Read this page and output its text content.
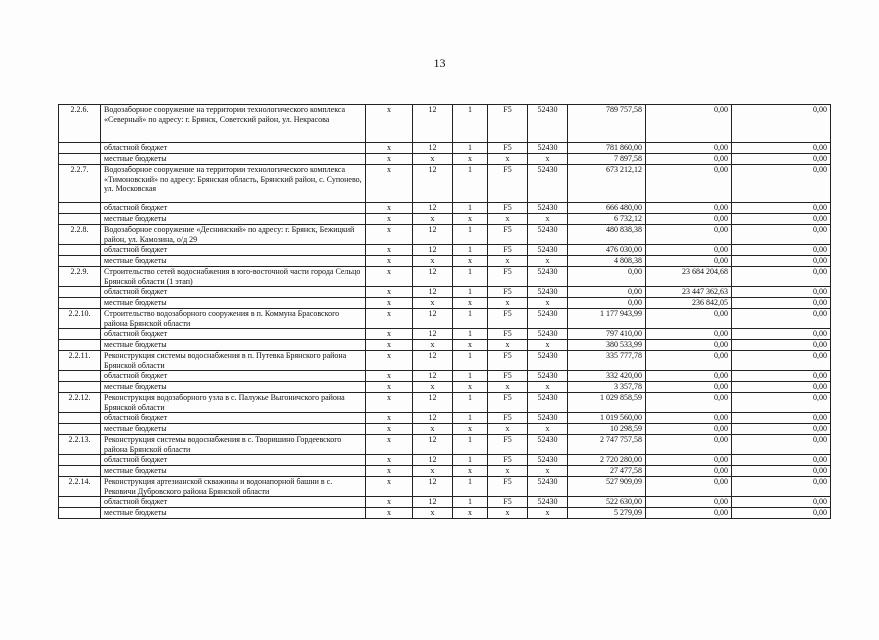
13
2.2.6.	Водозаборное сооружение на территории технологического комплекса «Северный» по адресу: г. Брянск, Советский район, ул. Некрасова	х	12	1	F5	52430	789 757,58	0,00	0,00
	областной бюджет	х	12	1	F5	52430	781 860,00	0,00	0,00
	местные бюджеты	х	х	х	х	х	7 897,58	0,00	0,00
2.2.7.	Водозаборное сооружение на территории технологического комплекса «Тимоновский» по адресу: Брянская область, Брянский район, с. Супонево, ул. Московская	х	12	1	F5	52430	673 212,12	0,00	0,00
	областной бюджет	х	12	1	F5	52430	666 480,00	0,00	0,00
	местные бюджеты	х	х	х	х	х	6 732,12	0,00	0,00
2.2.8.	Водозаборное сооружение «Деснинский» по адресу: г. Брянск, Бежицкий район, ул. Камозина, о/д 29	х	12	1	F5	52430	480 838,38	0,00	0,00
	областной бюджет	х	12	1	F5	52430	476 030,00	0,00	0,00
	местные бюджеты	х	х	х	х	х	4 808,38	0,00	0,00
2.2.9.	Строительство сетей водоснабжения в юго-восточной части города Сельцо Брянской области (1 этап)	х	12	1	F5	52430	0,00	23 684 204,68	0,00
	областной бюджет	х	12	1	F5	52430	0,00	23 447 362,63	0,00
	местные бюджеты	х	х	х	х	х	0,00	236 842,05	0,00
2.2.10.	Строительство водозаборного сооружения в п. Коммуна Брасовского района Брянской области	х	12	1	F5	52430	1 177 943,99	0,00	0,00
	областной бюджет	х	12	1	F5	52430	797 410,00	0,00	0,00
	местные бюджеты	х	х	х	х	х	380 533,99	0,00	0,00
2.2.11.	Реконструкция системы водоснабжения в п. Путевка Брянского района Брянской области	х	12	1	F5	52430	335 777,78	0,00	0,00
	областной бюджет	х	12	1	F5	52430	332 420,00	0,00	0,00
	местные бюджеты	х	х	х	х	х	3 357,78	0,00	0,00
2.2.12.	Реконструкция водозаборного узла в с. Палужье Выгоничского района Брянской области	х	12	1	F5	52430	1 029 858,59	0,00	0,00
	областной бюджет	х	12	1	F5	52430	1 019 560,00	0,00	0,00
	местные бюджеты	х	х	х	х	х	10 298,59	0,00	0,00
2.2.13.	Реконструкция системы водоснабжения в с. Творишино Гордеевского района Брянской области	х	12	1	F5	52430	2 747 757,58	0,00	0,00
	областной бюджет	х	12	1	F5	52430	2 720 280,00	0,00	0,00
	местные бюджеты	х	х	х	х	х	27 477,58	0,00	0,00
2.2.14.	Реконструкция артезианской скважины и водонапорной башни в с. Рековичи Дубровского района Брянской области	х	12	1	F5	52430	527 909,09	0,00	0,00
	областной бюджет	х	12	1	F5	52430	522 630,00	0,00	0,00
	местные бюджеты	х	х	х	х	х	5 279,09	0,00	0,00
